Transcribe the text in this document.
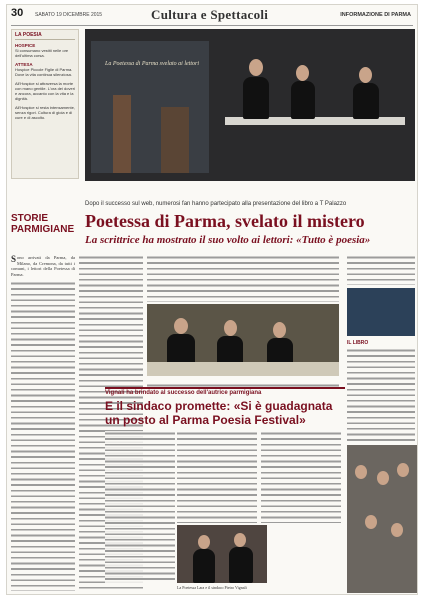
30 SABATO 19 DICEMBRE 2015	Cultura e Spettacoli	INFORMAZIONE DI PARMA
LA POESIA
HOSPICE
Si consumano vestiti nelle ore dell'ultima corsa.
ATTESA
Hospice Piccole Figlie di Parma. Dove la vita continua silenziosa.
All'Hospice si attraversa la morte con mano gentile. L'ora dei doveri e ancora, accanto con la vita e la dignità.
All'Hospice si resta intensamente, senza rigori. Cultura di gioia e di cure e di ascolto.
La Poetessa di Parma svelato ai lettori
STORIE PARMIGIANE
Dopo il successo sul web, numerosi fan hanno partecipato alla presentazione del libro a T Palazzo
Poetessa di Parma, svelato il mistero
La scrittrice ha mostrato il suo volto ai lettori: «Tutto è poesia»
S ono arrivati da Parma, da Milano, da Cremona, da tutti i comuni, i lettori della Poetessa di Parma.
IL LIBRO
Vignali ha brindato al successo dell'autrice parmigiana
E il sindaco promette: «Si è guadagnata un posto al Parma Poesia Festival»
La Poetessa Lara e il sindaco Pietro Vignali
